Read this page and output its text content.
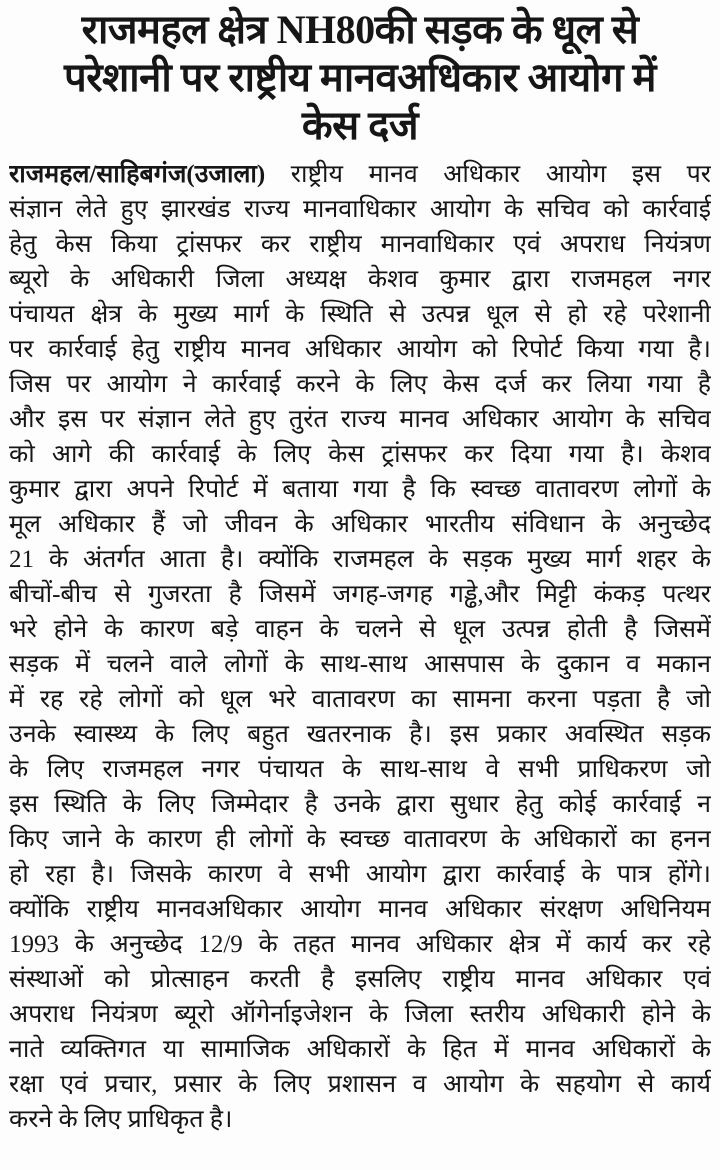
राजमहल क्षेत्र NH80की सड़क के धूल से
परेशानी पर राष्ट्रीय मानवअधिकार आयोग में
केस दर्ज
राजमहल/साहिबगंज(उजाला) राष्ट्रीय मानव अधिकार आयोग इस पर
संज्ञान लेते हुए झारखंड राज्य मानवाधिकार आयोग के सचिव को कार्रवाई
हेतु केस किया ट्रांसफर कर राष्ट्रीय मानवाधिकार एवं अपराध नियंत्रण
ब्यूरो के अधिकारी जिला अध्यक्ष केशव कुमार द्वारा राजमहल नगर
पंचायत क्षेत्र के मुख्य मार्ग के स्थिति से उत्पन्न धूल से हो रहे परेशानी
पर कार्रवाई हेतु राष्ट्रीय मानव अधिकार आयोग को रिपोर्ट किया गया है।
जिस पर आयोग ने कार्रवाई करने के लिए केस दर्ज कर लिया गया है
और इस पर संज्ञान लेते हुए तुरंत राज्य मानव अधिकार आयोग के सचिव
को आगे की कार्रवाई के लिए केस ट्रांसफर कर दिया गया है। केशव
कुमार द्वारा अपने रिपोर्ट में बताया गया है कि स्वच्छ वातावरण लोगों के
मूल अधिकार हैं जो जीवन के अधिकार भारतीय संविधान के अनुच्छेद
21 के अंतर्गत आता है। क्योंकि राजमहल के सड़क मुख्य मार्ग शहर के
बीचों-बीच से गुजरता है जिसमें जगह-जगह गड्ढे,और मिट्टी कंकड़ पत्थर
भरे होने के कारण बड़े वाहन के चलने से धूल उत्पन्न होती है जिसमें
सड़क में चलने वाले लोगों के साथ-साथ आसपास के दुकान व मकान
में रह रहे लोगों को धूल भरे वातावरण का सामना करना पड़ता है जो
उनके स्वास्थ्य के लिए बहुत खतरनाक है। इस प्रकार अवस्थित सड़क
के लिए राजमहल नगर पंचायत के साथ-साथ वे सभी प्राधिकरण जो
इस स्थिति के लिए जिम्मेदार है उनके द्वारा सुधार हेतु कोई कार्रवाई न
किए जाने के कारण ही लोगों के स्वच्छ वातावरण के अधिकारों का हनन
हो रहा है। जिसके कारण वे सभी आयोग द्वारा कार्रवाई के पात्र होंगे।
क्योंकि राष्ट्रीय मानवअधिकार आयोग मानव अधिकार संरक्षण अधिनियम
1993 के अनुच्छेद 12/9 के तहत मानव अधिकार क्षेत्र में कार्य कर रहे
संस्थाओं को प्रोत्साहन करती है इसलिए राष्ट्रीय मानव अधिकार एवं
अपराध नियंत्रण ब्यूरो ऑगेर्नाइजेशन के जिला स्तरीय अधिकारी होने के
नाते व्यक्तिगत या सामाजिक अधिकारों के हित में मानव अधिकारों के
रक्षा एवं प्रचार, प्रसार के लिए प्रशासन व आयोग के सहयोग से कार्य
करने के लिए प्राधिकृत है।
